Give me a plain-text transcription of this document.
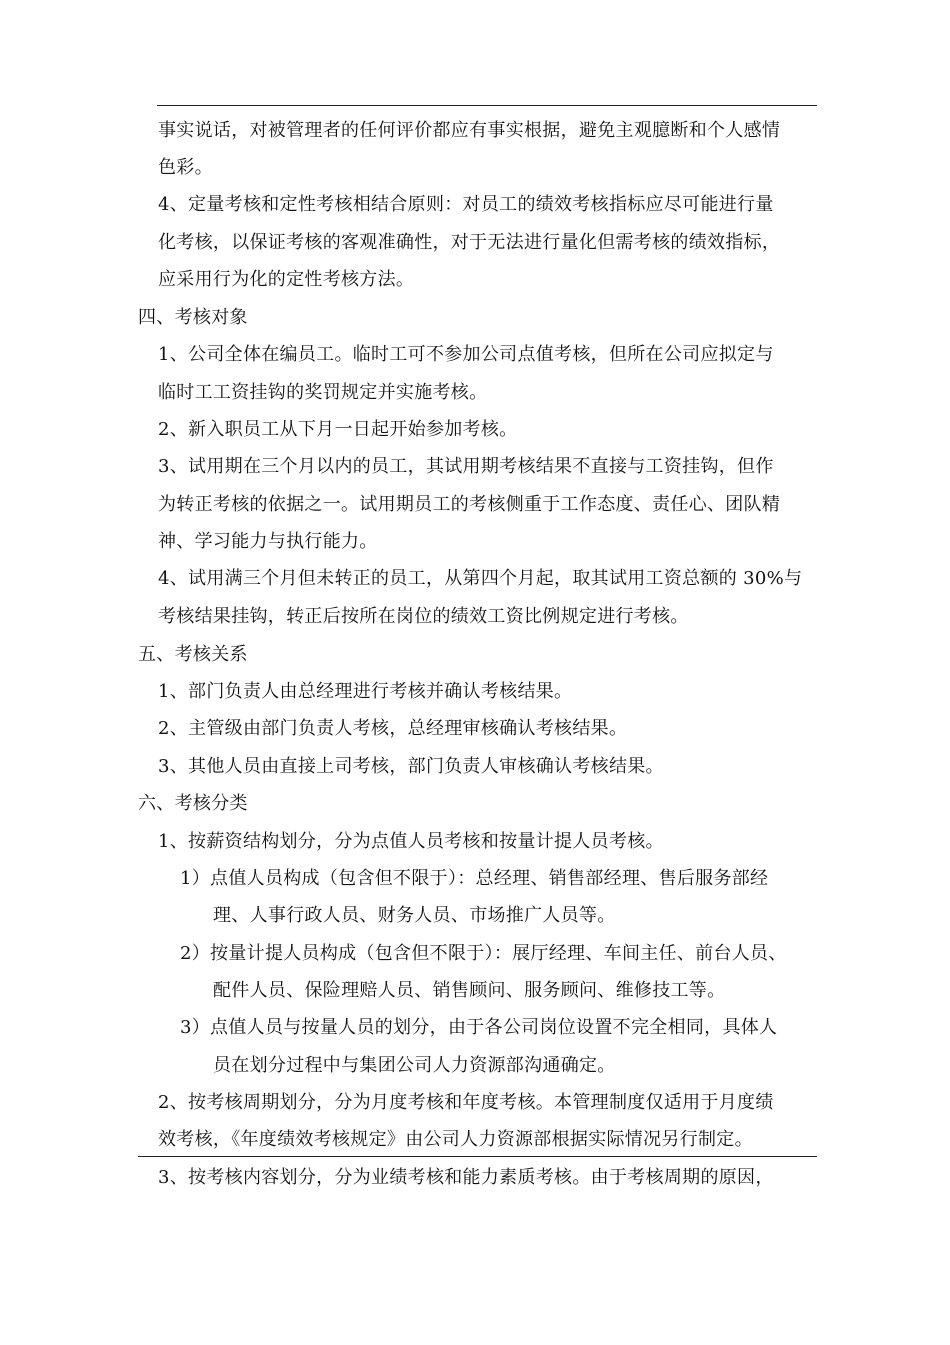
事实说话，对被管理者的任何评价都应有事实根据，避免主观臆断和个人感情
色彩。
4、定量考核和定性考核相结合原则：对员工的绩效考核指标应尽可能进行量
化考核，以保证考核的客观准确性，对于无法进行量化但需考核的绩效指标，
应采用行为化的定性考核方法。
四、考核对象
1、公司全体在编员工。临时工可不参加公司点值考核，但所在公司应拟定与
临时工工资挂钩的奖罚规定并实施考核。
2、新入职员工从下月一日起开始参加考核。
3、试用期在三个月以内的员工，其试用期考核结果不直接与工资挂钩，但作
为转正考核的依据之一。试用期员工的考核侧重于工作态度、责任心、团队精
神、学习能力与执行能力。
4、试用满三个月但未转正的员工，从第四个月起，取其试用工资总额的 30%与
考核结果挂钩，转正后按所在岗位的绩效工资比例规定进行考核。
五、考核关系
1、部门负责人由总经理进行考核并确认考核结果。
2、主管级由部门负责人考核，总经理审核确认考核结果。
3、其他人员由直接上司考核，部门负责人审核确认考核结果。
六、考核分类
1、按薪资结构划分，分为点值人员考核和按量计提人员考核。
1）点值人员构成（包含但不限于）：总经理、销售部经理、售后服务部经
理、人事行政人员、财务人员、市场推广人员等。
2）按量计提人员构成（包含但不限于）：展厅经理、车间主任、前台人员、
配件人员、保险理赔人员、销售顾问、服务顾问、维修技工等。
3）点值人员与按量人员的划分，由于各公司岗位设置不完全相同，具体人
员在划分过程中与集团公司人力资源部沟通确定。
2、按考核周期划分，分为月度考核和年度考核。本管理制度仅适用于月度绩
效考核，《年度绩效考核规定》由公司人力资源部根据实际情况另行制定。
3、按考核内容划分，分为业绩考核和能力素质考核。由于考核周期的原因，
